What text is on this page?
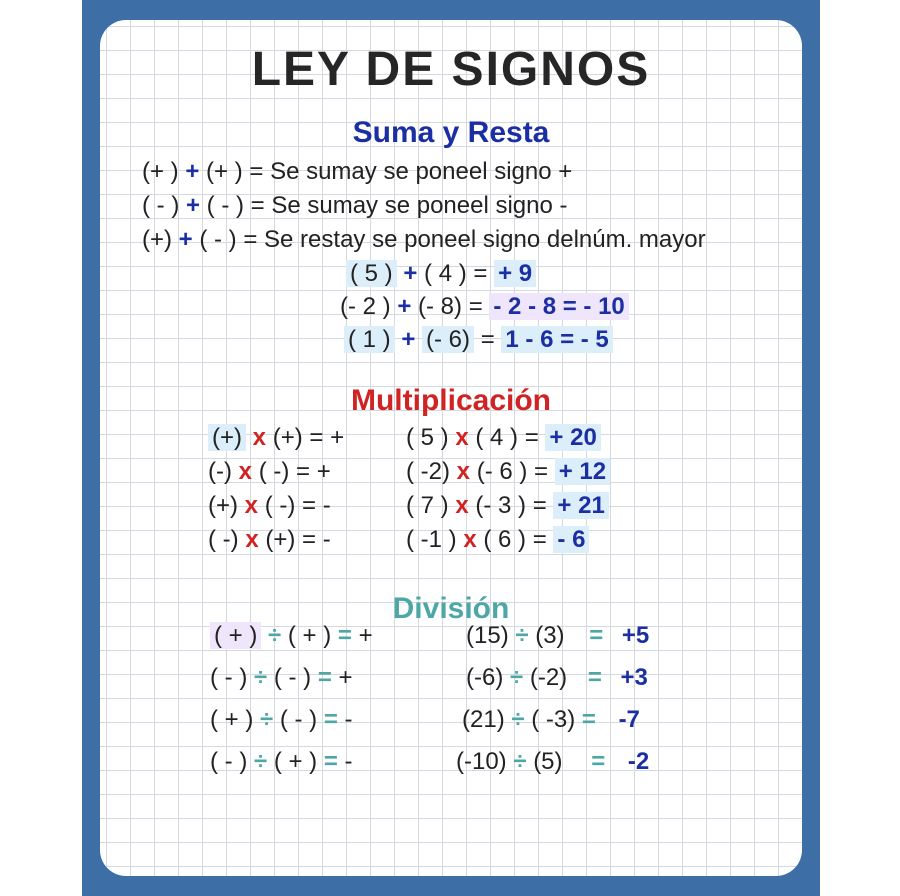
LEY DE SIGNOS
Suma y Resta
(+ ) + (+ ) = Se sumay se poneel signo +
( - ) + ( - ) = Se sumay se poneel signo -
(+) + ( - ) = Se restay se poneel signo delnúm. mayor
( 5 ) + ( 4 ) = + 9
(- 2 ) + (- 8) = - 2 - 8 = - 10
( 1 ) + (- 6) = 1 - 6 = - 5
Multiplicación
(+) x (+) = +	( 5 ) x ( 4 ) = + 20
(-) x ( -) = +	( -2) x (- 6 ) = + 12
(+) x ( -) = -	( 7 ) x (- 3 ) = + 21
( -) x (+) = -	( -1 ) x ( 6 ) = - 6
División
( + ) ÷ ( + ) = +	(15) ÷ (3) = +5
( - ) ÷ ( - ) = +	(-6) ÷ (-2) = +3
( + ) ÷ ( - ) = -	(21) ÷ ( -3) = -7
( - ) ÷ ( + ) = -	(-10) ÷ (5) = -2
